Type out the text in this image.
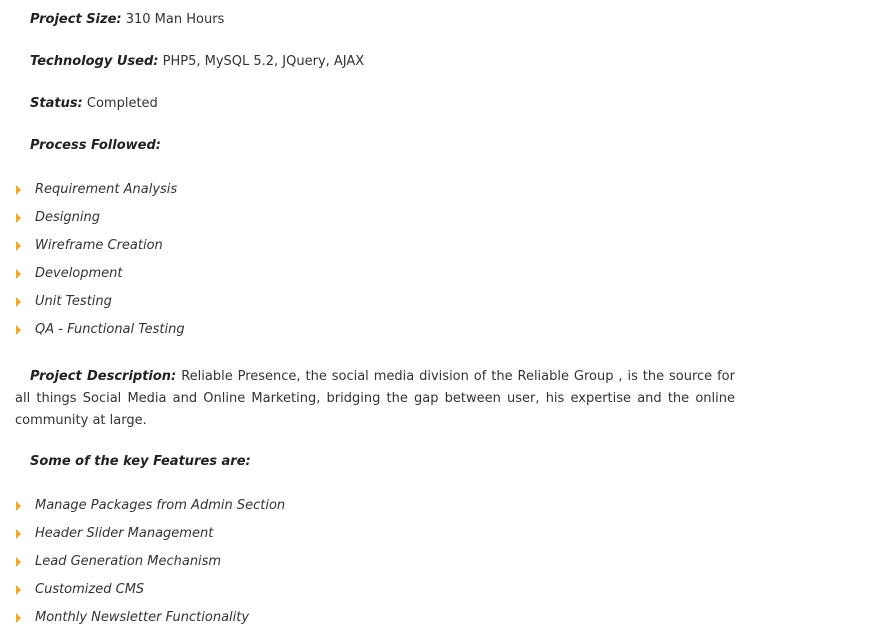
Project Size: 310 Man Hours

Technology Used: PHP5, MySQL 5.2, JQuery, AJAX

Status: Completed

Process Followed:

Requirement Analysis
Designing
Wireframe Creation
Development
Unit Testing
QA - Functional Testing

Project Description: Reliable Presence, the social media division of the Reliable Group , is the source for all things Social Media and Online Marketing, bridging the gap between user, his expertise and the online community at large.

Some of the key Features are:

Manage Packages from Admin Section
Header Slider Management
Lead Generation Mechanism
Customized CMS
Monthly Newsletter Functionality
